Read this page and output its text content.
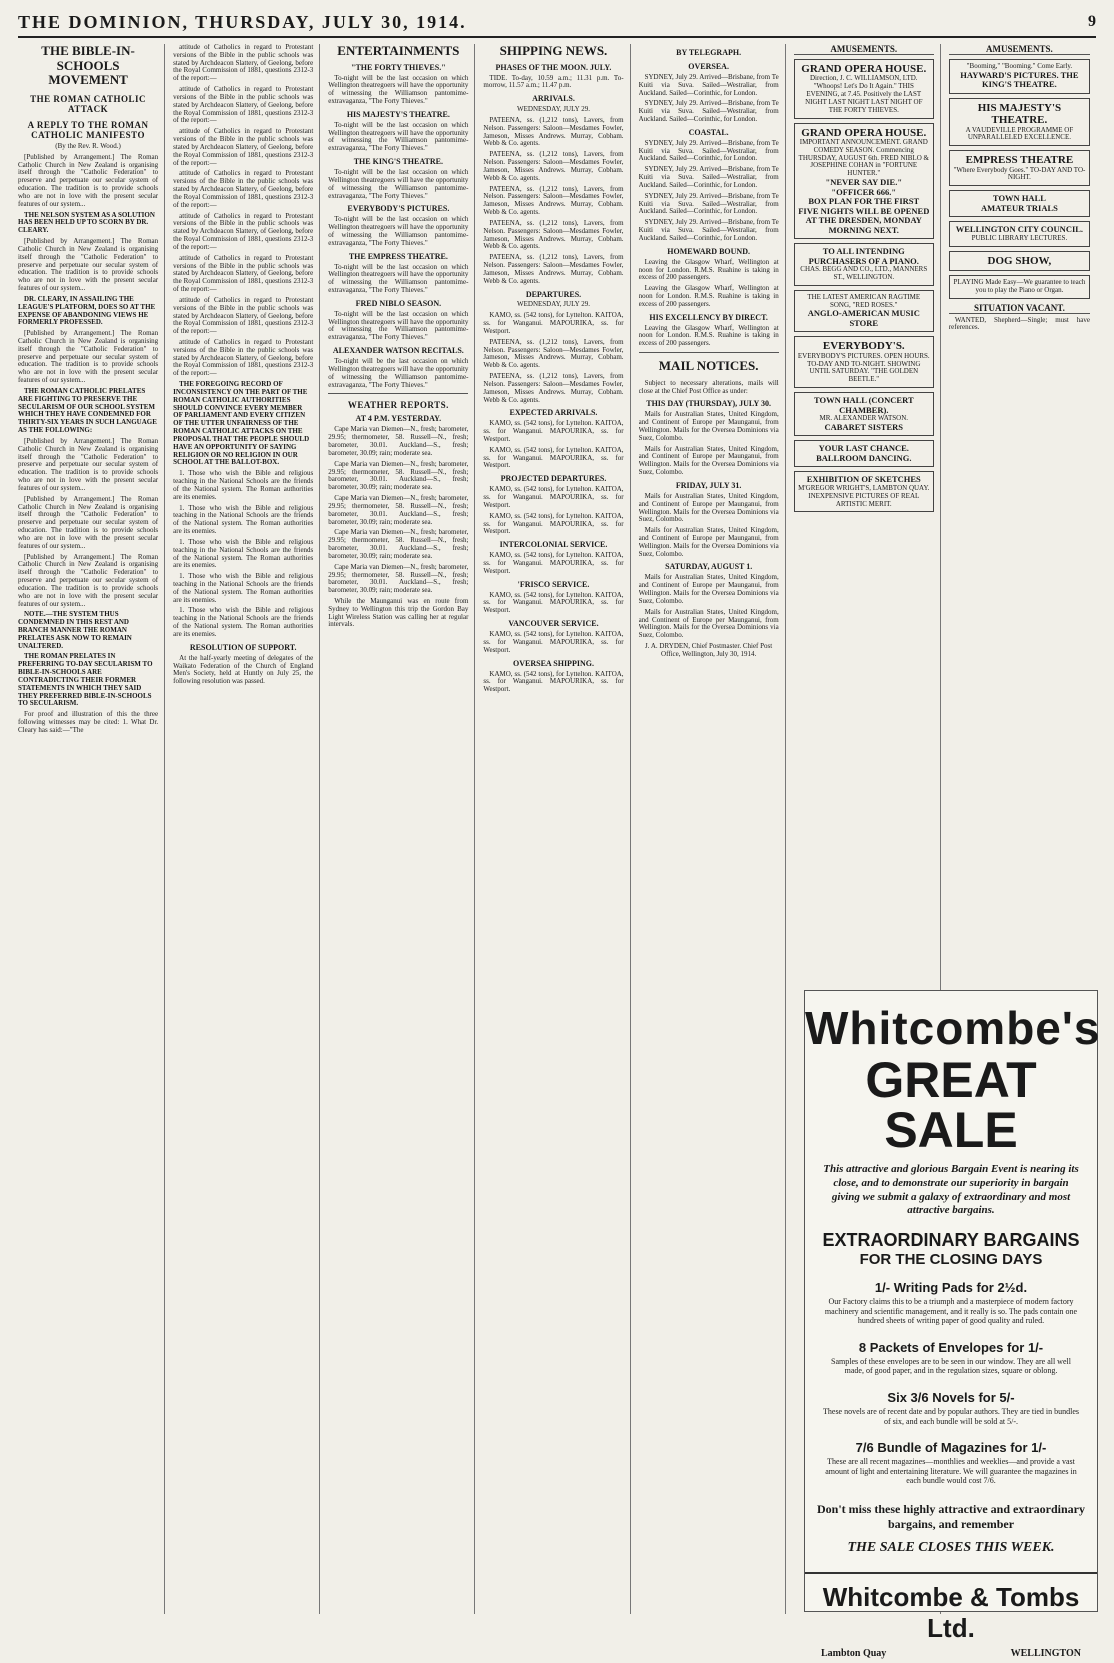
THE DOMINION, THURSDAY, JULY 30, 1914.	9
THE BIBLE-IN-SCHOOLS MOVEMENT
THE ROMAN CATHOLIC ATTACK
A REPLY TO THE ROMAN CATHOLIC MANIFESTO

(By the Rev. R. Wood.)

[Published by Arrangement.] The Roman Catholic Church in New Zealand is organising itself through the "Catholic Federation" to preserve and perpetuate our secular system of education. The tradition is to provide schools who are not in love with the present secular features of our system...

THE NELSON SYSTEM AS A SOLUTION HAS BEEN HELD UP TO SCORN BY DR. CLEARY.

[Published by Arrangement.] The Roman Catholic Church in New Zealand is organising itself through the "Catholic Federation" to preserve and perpetuate our secular system of education. The tradition is to provide schools who are not in love with the present secular features of our system...

DR. CLEARY, IN ASSAILING THE LEAGUE'S PLATFORM, DOES SO AT THE EXPENSE OF ABANDONING VIEWS HE FORMERLY PROFESSED.

[Published by Arrangement.] The Roman Catholic Church in New Zealand is organising itself through the "Catholic Federation" to preserve and perpetuate our secular system of education. The tradition is to provide schools who are not in love with the present secular features of our system...

THE ROMAN CATHOLIC PRELATES ARE FIGHTING TO PRESERVE THE SECULARISM OF OUR SCHOOL SYSTEM WHICH THEY HAVE CONDEMNED FOR THIRTY-SIX YEARS IN SUCH LANGUAGE AS THE FOLLOWING:

[Published by Arrangement.] The Roman Catholic Church in New Zealand is organising itself through the "Catholic Federation" to preserve and perpetuate our secular system of education. The tradition is to provide schools who are not in love with the present secular features of our system...

[Published by Arrangement.] The Roman Catholic Church in New Zealand is organising itself through the "Catholic Federation" to preserve and perpetuate our secular system of education. The tradition is to provide schools who are not in love with the present secular features of our system...

[Published by Arrangement.] The Roman Catholic Church in New Zealand is organising itself through the "Catholic Federation" to preserve and perpetuate our secular system of education. The tradition is to provide schools who are not in love with the present secular features of our system...

NOTE.—THE SYSTEM THUS CONDEMNED IN THIS REST AND BRANCH MANNER THE ROMAN PRELATES ASK NOW TO REMAIN UNALTERED.

THE ROMAN PRELATES IN PREFERRING TO-DAY SECULARISM TO BIBLE-IN-SCHOOLS ARE CONTRADICTING THEIR FORMER STATEMENTS IN WHICH THEY SAID THEY PREFERRED BIBLE-IN-SCHOOLS TO SECULARISM.

For proof and illustration of this the three following witnesses may be cited: 1. What Dr. Cleary has said:—"The

attitude of Catholics in regard to Protestant versions of the Bible in the public schools was stated by Archdeacon Slattery, of Geelong, before the Royal Commission of 1881, questions 2312-3 of the report:—

attitude of Catholics in regard to Protestant versions of the Bible in the public schools was stated by Archdeacon Slattery, of Geelong, before the Royal Commission of 1881, questions 2312-3 of the report:—

attitude of Catholics in regard to Protestant versions of the Bible in the public schools was stated by Archdeacon Slattery, of Geelong, before the Royal Commission of 1881, questions 2312-3 of the report:—

attitude of Catholics in regard to Protestant versions of the Bible in the public schools was stated by Archdeacon Slattery, of Geelong, before the Royal Commission of 1881, questions 2312-3 of the report:—

attitude of Catholics in regard to Protestant versions of the Bible in the public schools was stated by Archdeacon Slattery, of Geelong, before the Royal Commission of 1881, questions 2312-3 of the report:—

attitude of Catholics in regard to Protestant versions of the Bible in the public schools was stated by Archdeacon Slattery, of Geelong, before the Royal Commission of 1881, questions 2312-3 of the report:—

attitude of Catholics in regard to Protestant versions of the Bible in the public schools was stated by Archdeacon Slattery, of Geelong, before the Royal Commission of 1881, questions 2312-3 of the report:—

attitude of Catholics in regard to Protestant versions of the Bible in the public schools was stated by Archdeacon Slattery, of Geelong, before the Royal Commission of 1881, questions 2312-3 of the report:—

THE FOREGOING RECORD OF INCONSISTENCY ON THE PART OF THE ROMAN CATHOLIC AUTHORITIES SHOULD CONVINCE EVERY MEMBER OF PARLIAMENT AND EVERY CITIZEN OF THE UTTER UNFAIRNESS OF THE ROMAN CATHOLIC ATTACKS ON THE PROPOSAL THAT THE PEOPLE SHOULD HAVE AN OPPORTUNITY OF SAYING RELIGION OR NO RELIGION IN OUR SCHOOL AT THE BALLOT-BOX.

1. Those who wish the Bible and religious teaching in the National Schools are the friends of the National system. The Roman authorities are its enemies.

1. Those who wish the Bible and religious teaching in the National Schools are the friends of the National system. The Roman authorities are its enemies.

1. Those who wish the Bible and religious teaching in the National Schools are the friends of the National system. The Roman authorities are its enemies.

1. Those who wish the Bible and religious teaching in the National Schools are the friends of the National system. The Roman authorities are its enemies.

1. Those who wish the Bible and religious teaching in the National Schools are the friends of the National system. The Roman authorities are its enemies.

RESOLUTION OF SUPPORT.

At the half-yearly meeting of delegates of the Waikato Federation of the Church of England Men's Society, held at Huntly on July 25, the following resolution was passed.

ENTERTAINMENTS
"THE FORTY THIEVES."

To-night will be the last occasion on which Wellington theatregoers will have the opportunity of witnessing the Williamson pantomime-extravaganza, "The Forty Thieves."

HIS MAJESTY'S THEATRE.

To-night will be the last occasion on which Wellington theatregoers will have the opportunity of witnessing the Williamson pantomime-extravaganza, "The Forty Thieves."

THE KING'S THEATRE.

To-night will be the last occasion on which Wellington theatregoers will have the opportunity of witnessing the Williamson pantomime-extravaganza, "The Forty Thieves."

EVERYBODY'S PICTURES.

To-night will be the last occasion on which Wellington theatregoers will have the opportunity of witnessing the Williamson pantomime-extravaganza, "The Forty Thieves."

THE EMPRESS THEATRE.

To-night will be the last occasion on which Wellington theatregoers will have the opportunity of witnessing the Williamson pantomime-extravaganza, "The Forty Thieves."

FRED NIBLO SEASON.

To-night will be the last occasion on which Wellington theatregoers will have the opportunity of witnessing the Williamson pantomime-extravaganza, "The Forty Thieves."

ALEXANDER WATSON RECITALS.

To-night will be the last occasion on which Wellington theatregoers will have the opportunity of witnessing the Williamson pantomime-extravaganza, "The Forty Thieves."

WEATHER REPORTS.
AT 4 P.M. YESTERDAY.

Cape Maria van Diemen—N., fresh; barometer, 29.95; thermometer, 58. Russell—N., fresh; barometer, 30.01. Auckland—S., fresh; barometer, 30.09; rain; moderate sea.

Cape Maria van Diemen—N., fresh; barometer, 29.95; thermometer, 58. Russell—N., fresh; barometer, 30.01. Auckland—S., fresh; barometer, 30.09; rain; moderate sea.

Cape Maria van Diemen—N., fresh; barometer, 29.95; thermometer, 58. Russell—N., fresh; barometer, 30.01. Auckland—S., fresh; barometer, 30.09; rain; moderate sea.

Cape Maria van Diemen—N., fresh; barometer, 29.95; thermometer, 58. Russell—N., fresh; barometer, 30.01. Auckland—S., fresh; barometer, 30.09; rain; moderate sea.

Cape Maria van Diemen—N., fresh; barometer, 29.95; thermometer, 58. Russell—N., fresh; barometer, 30.01. Auckland—S., fresh; barometer, 30.09; rain; moderate sea.

While the Maunganui was en route from Sydney to Wellington this trip the Gordon Bay Light Wireless Station was calling her at regular intervals.

SHIPPING NEWS.
PHASES OF THE MOON. JULY.

TIDE. To-day, 10.59 a.m.; 11.31 p.m. To-morrow, 11.57 a.m.; 11.47 p.m.

ARRIVALS.

WEDNESDAY, JULY 29.

PATEENA, ss. (1,212 tons), Lavers, from Nelson. Passengers: Saloon—Mesdames Fowler, Jameson, Misses Andrews. Murray, Cobham. Webb & Co. agents.

PATEENA, ss. (1,212 tons), Lavers, from Nelson. Passengers: Saloon—Mesdames Fowler, Jameson, Misses Andrews. Murray, Cobham. Webb & Co. agents.

PATEENA, ss. (1,212 tons), Lavers, from Nelson. Passengers: Saloon—Mesdames Fowler, Jameson, Misses Andrews. Murray, Cobham. Webb & Co. agents.

PATEENA, ss. (1,212 tons), Lavers, from Nelson. Passengers: Saloon—Mesdames Fowler, Jameson, Misses Andrews. Murray, Cobham. Webb & Co. agents.

PATEENA, ss. (1,212 tons), Lavers, from Nelson. Passengers: Saloon—Mesdames Fowler, Jameson, Misses Andrews. Murray, Cobham. Webb & Co. agents.

DEPARTURES.

WEDNESDAY, JULY 29.

KAMO, ss. (542 tons), for Lyttelton. KAITOA, ss. for Wanganui. MAPOURIKA, ss. for Westport.

PATEENA, ss. (1,212 tons), Lavers, from Nelson. Passengers: Saloon—Mesdames Fowler, Jameson, Misses Andrews. Murray, Cobham. Webb & Co. agents.

PATEENA, ss. (1,212 tons), Lavers, from Nelson. Passengers: Saloon—Mesdames Fowler, Jameson, Misses Andrews. Murray, Cobham. Webb & Co. agents.

EXPECTED ARRIVALS.

KAMO, ss. (542 tons), for Lyttelton. KAITOA, ss. for Wanganui. MAPOURIKA, ss. for Westport.

KAMO, ss. (542 tons), for Lyttelton. KAITOA, ss. for Wanganui. MAPOURIKA, ss. for Westport.

PROJECTED DEPARTURES.

KAMO, ss. (542 tons), for Lyttelton. KAITOA, ss. for Wanganui. MAPOURIKA, ss. for Westport.

KAMO, ss. (542 tons), for Lyttelton. KAITOA, ss. for Wanganui. MAPOURIKA, ss. for Westport.

INTERCOLONIAL SERVICE.

KAMO, ss. (542 tons), for Lyttelton. KAITOA, ss. for Wanganui. MAPOURIKA, ss. for Westport.

'FRISCO SERVICE.

KAMO, ss. (542 tons), for Lyttelton. KAITOA, ss. for Wanganui. MAPOURIKA, ss. for Westport.

VANCOUVER SERVICE.

KAMO, ss. (542 tons), for Lyttelton. KAITOA, ss. for Wanganui. MAPOURIKA, ss. for Westport.

OVERSEA SHIPPING.

KAMO, ss. (542 tons), for Lyttelton. KAITOA, ss. for Wanganui. MAPOURIKA, ss. for Westport.

BY TELEGRAPH.
OVERSEA.

SYDNEY, July 29. Arrived—Brisbane, from Te Kuiti via Suva. Sailed—Westraliar, from Auckland. Sailed—Corinthic, for London.

SYDNEY, July 29. Arrived—Brisbane, from Te Kuiti via Suva. Sailed—Westraliar, from Auckland. Sailed—Corinthic, for London.

COASTAL.

SYDNEY, July 29. Arrived—Brisbane, from Te Kuiti via Suva. Sailed—Westraliar, from Auckland. Sailed—Corinthic, for London.

SYDNEY, July 29. Arrived—Brisbane, from Te Kuiti via Suva. Sailed—Westraliar, from Auckland. Sailed—Corinthic, for London.

SYDNEY, July 29. Arrived—Brisbane, from Te Kuiti via Suva. Sailed—Westraliar, from Auckland. Sailed—Corinthic, for London.

SYDNEY, July 29. Arrived—Brisbane, from Te Kuiti via Suva. Sailed—Westraliar, from Auckland. Sailed—Corinthic, for London.

HOMEWARD BOUND.

Leaving the Glasgow Wharf, Wellington at noon for London. R.M.S. Ruahine is taking in excess of 200 passengers.

Leaving the Glasgow Wharf, Wellington at noon for London. R.M.S. Ruahine is taking in excess of 200 passengers.

HIS EXCELLENCY BY DIRECT.

Leaving the Glasgow Wharf, Wellington at noon for London. R.M.S. Ruahine is taking in excess of 200 passengers.

MAIL NOTICES.

Subject to necessary alterations, mails will close at the Chief Post Office as under:

THIS DAY (THURSDAY), JULY 30.

Mails for Australian States, United Kingdom, and Continent of Europe per Maunganui, from Wellington. Mails for the Oversea Dominions via Suez, Colombo.

Mails for Australian States, United Kingdom, and Continent of Europe per Maunganui, from Wellington. Mails for the Oversea Dominions via Suez, Colombo.

FRIDAY, JULY 31.

Mails for Australian States, United Kingdom, and Continent of Europe per Maunganui, from Wellington. Mails for the Oversea Dominions via Suez, Colombo.

Mails for Australian States, United Kingdom, and Continent of Europe per Maunganui, from Wellington. Mails for the Oversea Dominions via Suez, Colombo.

SATURDAY, AUGUST 1.

Mails for Australian States, United Kingdom, and Continent of Europe per Maunganui, from Wellington. Mails for the Oversea Dominions via Suez, Colombo.

Mails for Australian States, United Kingdom, and Continent of Europe per Maunganui, from Wellington. Mails for the Oversea Dominions via Suez, Colombo.

J. A. DRYDEN, Chief Postmaster. Chief Post Office, Wellington, July 30, 1914.

AMUSEMENTS.
GRAND OPERA HOUSE.
Direction, J. C. WILLIAMSON, LTD.
"Whoops! Let's Do It Again." THIS EVENING, at 7.45. Positively the LAST NIGHT LAST NIGHT LAST NIGHT OF THE FORTY THIEVES.
GRAND OPERA HOUSE.
IMPORTANT ANNOUNCEMENT. GRAND COMEDY SEASON. Commencing THURSDAY, AUGUST 6th. FRED NIBLO & JOSEPHINE COHAN in "FORTUNE HUNTER."
"NEVER SAY DIE."
"OFFICER 666."
BOX PLAN FOR THE FIRST FIVE NIGHTS WILL BE OPENED AT THE DRESDEN, MONDAY MORNING NEXT.
TO ALL INTENDING PURCHASERS OF A PIANO.
CHAS. BEGG AND CO., LTD., MANNERS ST., WELLINGTON.
THE LATEST AMERICAN RAGTIME SONG, "RED ROSES."
ANGLO-AMERICAN MUSIC STORE
EVERYBODY'S.
EVERYBODY'S PICTURES. OPEN HOURS. TO-DAY AND TO-NIGHT. SHOWING UNTIL SATURDAY. "THE GOLDEN BEETLE."
TOWN HALL (CONCERT CHAMBER).
MR. ALEXANDER WATSON.
CABARET SISTERS
YOUR LAST CHANCE.
BALLROOM DANCING.
EXHIBITION OF SKETCHES
M'GREGOR WRIGHT'S, LAMBTON QUAY.
INEXPENSIVE PICTURES OF REAL ARTISTIC MERIT.
AMUSEMENTS.
"Booming," "Booming." Come Early.
HAYWARD'S PICTURES. THE KING'S THEATRE.
HIS MAJESTY'S THEATRE.
A VAUDEVILLE PROGRAMME OF UNPARALLELED EXCELLENCE.
EMPRESS THEATRE
"Where Everybody Goes." TO-DAY AND TO-NIGHT.
TOWN HALL
AMATEUR TRIALS
WELLINGTON CITY COUNCIL.
PUBLIC LIBRARY LECTURES.
DOG SHOW,
PLAYING Made Easy—We guarantee to teach you to play the Piano or Organ.
SITUATION VACANT.

WANTED, Shepherd—Single; must have references.

Whitcombe's
GREAT SALE
This attractive and glorious Bargain Event is nearing its close, and to demonstrate our superiority in bargain giving we submit a galaxy of extraordinary and most attractive bargains.
EXTRAORDINARY BARGAINS
FOR THE CLOSING DAYS
1/- Writing Pads for 2½d.
Our Factory claims this to be a triumph and a masterpiece of modern factory machinery and scientific management, and it really is so. The pads contain one hundred sheets of writing paper of good quality and ruled.
8 Packets of Envelopes for 1/-
Samples of these envelopes are to be seen in our window. They are all well made, of good paper, and in the regulation sizes, square or oblong.
Six 3/6 Novels for 5/-
These novels are of recent date and by popular authors. They are tied in bundles of six, and each bundle will be sold at 5/-.
7/6 Bundle of Magazines for 1/-
These are all recent magazines—monthlies and weeklies—and provide a vast amount of light and entertaining literature. We will guarantee the magazines in each bundle would cost 7/6.
Don't miss these highly attractive and extraordinary bargains, and remember
THE SALE CLOSES THIS WEEK.
Whitcombe & Tombs Ltd.
Lambton Quay	WELLINGTON
